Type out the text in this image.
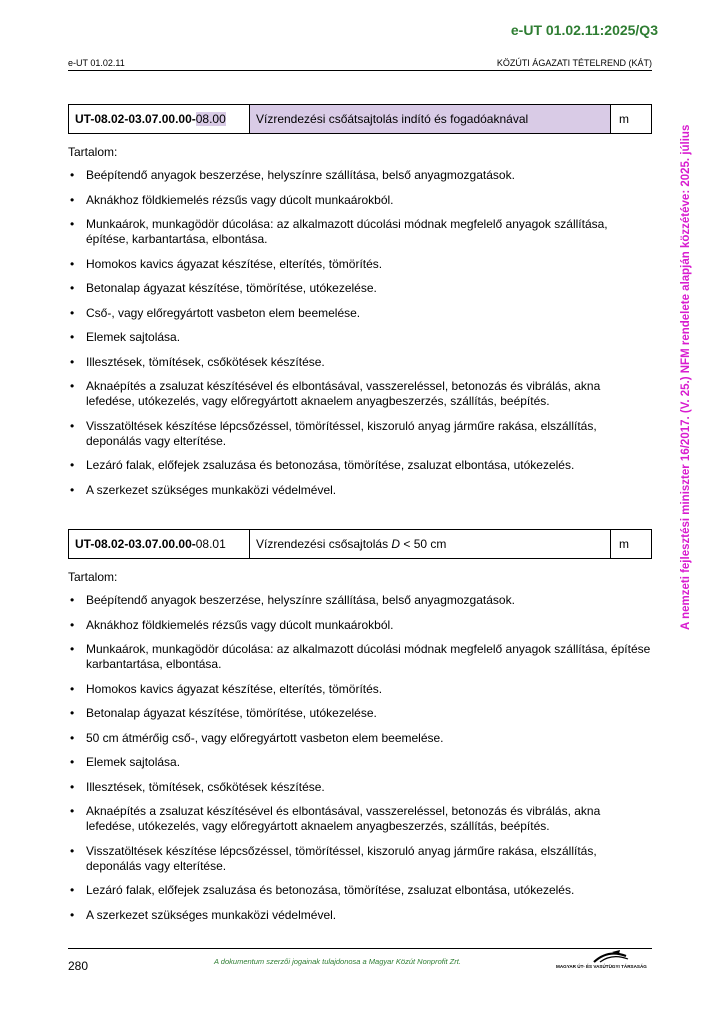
e-UT 01.02.11:2025/Q3
e-UT 01.02.11	KÖZÚTI ÁGAZATI TÉTELREND (KÁT)
A nemzeti fejlesztési miniszter 16/2017. (V. 25.) NFM rendelete alapján közzétéve: 2025. július
UT-08.02-03.07.00.00-08.00	Vízrendezési csőátsajtolás indító és fogadóaknával	m
Tartalom:
• Beépítendő anyagok beszerzése, helyszínre szállítása, belső anyagmozgatások.
• Aknákhoz földkiemelés rézsűs vagy dúcolt munkaárokból.
• Munkaárok, munkagödör dúcolása: az alkalmazott dúcolási módnak megfelelő anyagok szállítása, építése, karbantartása, elbontása.
• Homokos kavics ágyazat készítése, elterítés, tömörítés.
• Betonalap ágyazat készítése, tömörítése, utókezelése.
• Cső-, vagy előregyártott vasbeton elem beemelése.
• Elemek sajtolása.
• Illesztések, tömítések, csőkötések készítése.
• Aknaépítés a zsaluzat készítésével és elbontásával, vasszereléssel, betonozás és vibrálás, akna lefedése, utókezelés, vagy előregyártott aknaelem anyagbeszerzés, szállítás, beépítés.
• Visszatöltések készítése lépcsőzéssel, tömörítéssel, kiszoruló anyag járműre rakása, elszállítás, deponálás vagy elterítése.
• Lezáró falak, előfejek zsaluzása és betonozása, tömörítése, zsaluzat elbontása, utókezelés.
• A szerkezet szükséges munkaközi védelmével.
UT-08.02-03.07.00.00-08.01	Vízrendezési csősajtolás D < 50 cm	m
Tartalom:
• Beépítendő anyagok beszerzése, helyszínre szállítása, belső anyagmozgatások.
• Aknákhoz földkiemelés rézsűs vagy dúcolt munkaárokból.
• Munkaárok, munkagödör dúcolása: az alkalmazott dúcolási módnak megfelelő anyagok szállítása, építése karbantartása, elbontása.
• Homokos kavics ágyazat készítése, elterítés, tömörítés.
• Betonalap ágyazat készítése, tömörítése, utókezelése.
• 50 cm átmérőig cső-, vagy előregyártott vasbeton elem beemelése.
• Elemek sajtolása.
• Illesztések, tömítések, csőkötések készítése.
• Aknaépítés a zsaluzat készítésével és elbontásával, vasszereléssel, betonozás és vibrálás, akna lefedése, utókezelés, vagy előregyártott aknaelem anyagbeszerzés, szállítás, beépítés.
• Visszatöltések készítése lépcsőzéssel, tömörítéssel, kiszoruló anyag járműre rakása, elszállítás, deponálás vagy elterítése.
• Lezáró falak, előfejek zsaluzása és betonozása, tömörítése, zsaluzat elbontása, utókezelés.
• A szerkezet szükséges munkaközi védelmével.
280	A dokumentum szerzői jogainak tulajdonosa a Magyar Közút Nonprofit Zrt.
MAGYAR ÚT- ÉS VASÚTÜGYI TÁRSASÁG
